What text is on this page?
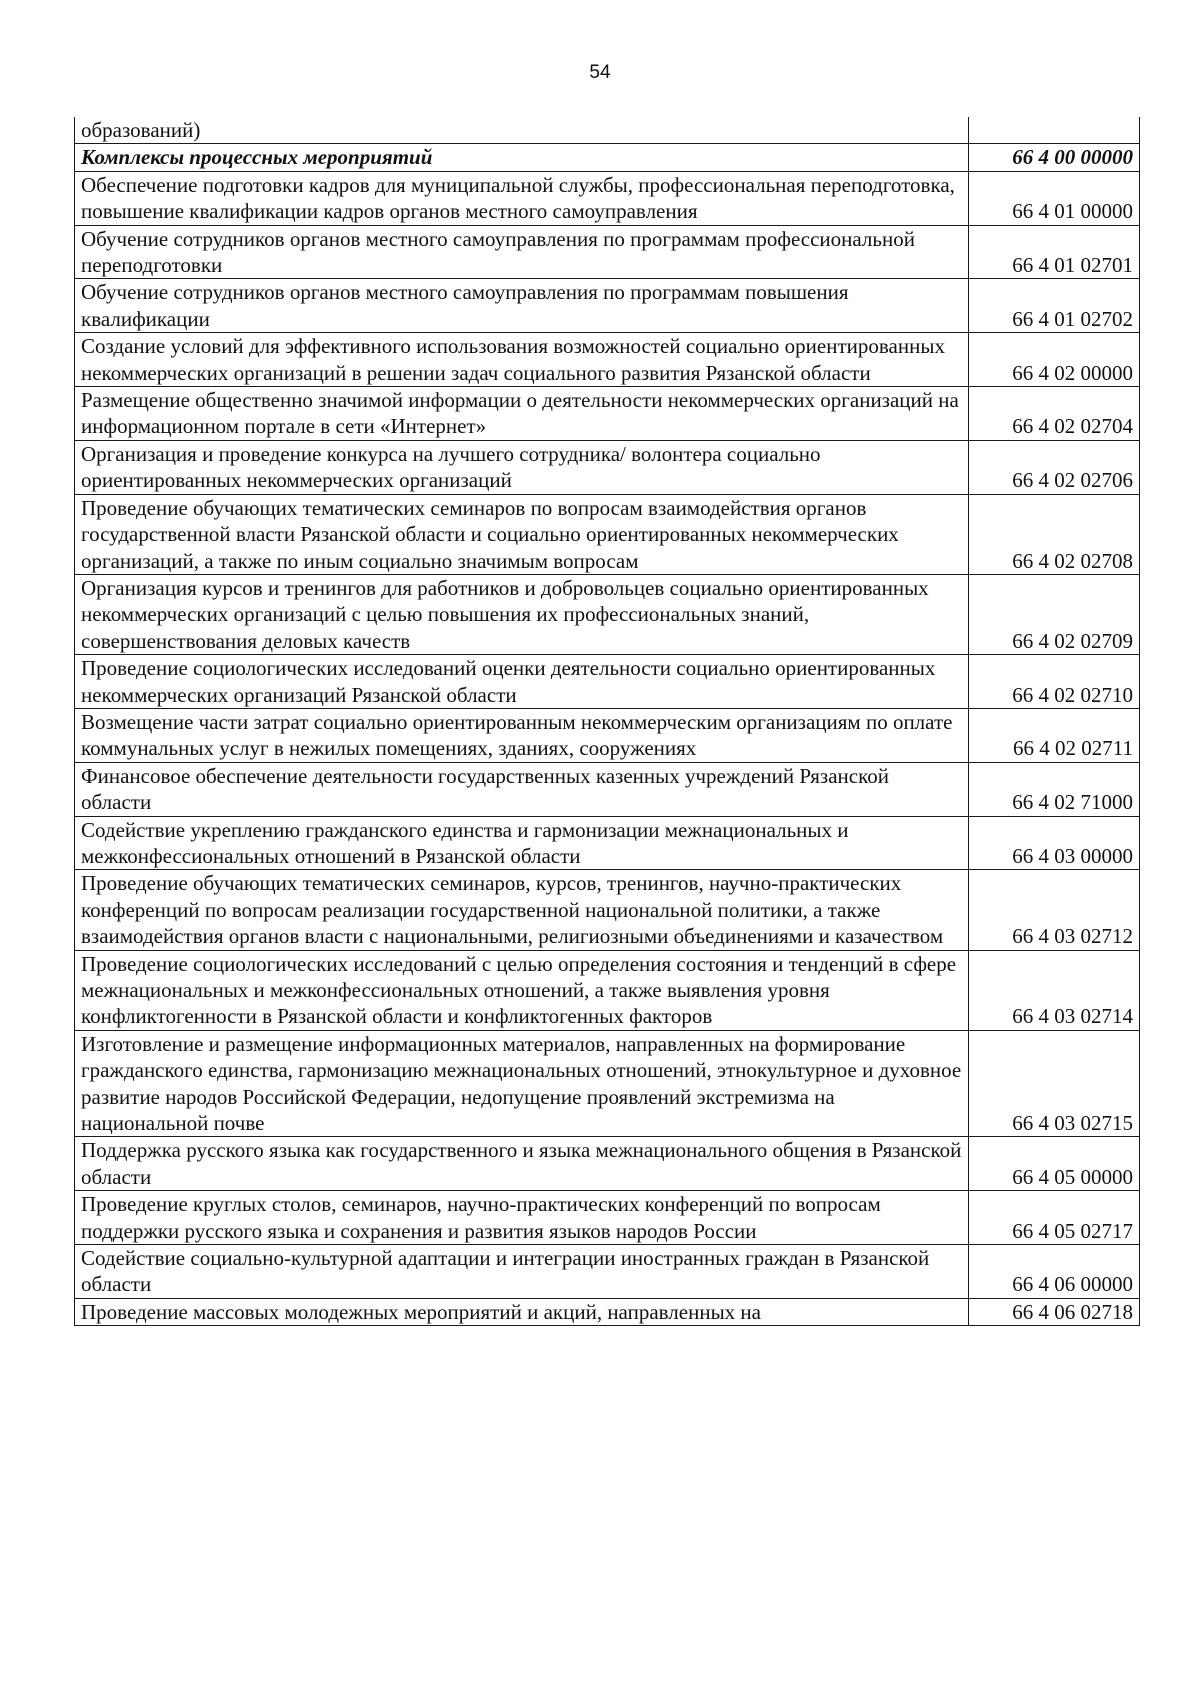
54
образований)	
Комплексы процессных мероприятий	66 4 00 00000
Обеспечение подготовки кадров для муниципальной службы, профессиональная переподготовка, повышение квалификации кадров органов местного самоуправления	66 4 01 00000
Обучение сотрудников органов местного самоуправления по программам профессиональной переподготовки	66 4 01 02701
Обучение сотрудников органов местного самоуправления по программам повышения квалификации	66 4 01 02702
Создание условий для эффективного использования возможностей социально ориентированных некоммерческих организаций в решении задач социального развития Рязанской области	66 4 02 00000
Размещение общественно значимой информации о деятельности некоммерческих организаций на информационном портале в сети «Интернет»	66 4 02 02704
Организация и проведение конкурса на лучшего сотрудника/ волонтера социально ориентированных некоммерческих организаций	66 4 02 02706
Проведение обучающих тематических семинаров по вопросам взаимодействия органов государственной власти Рязанской области и социально ориентированных некоммерческих организаций, а также по иным социально значимым вопросам	66 4 02 02708
Организация курсов и тренингов для работников и добровольцев социально ориентированных некоммерческих организаций с целью повышения их профессиональных знаний, совершенствования деловых качеств	66 4 02 02709
Проведение социологических исследований оценки деятельности социально ориентированных некоммерческих организаций Рязанской области	66 4 02 02710
Возмещение части затрат социально ориентированным некоммерческим организациям по оплате коммунальных услуг в нежилых помещениях, зданиях, сооружениях	66 4 02 02711
Финансовое обеспечение деятельности государственных казенных учреждений Рязанской области	66 4 02 71000
Содействие укреплению гражданского единства и гармонизации межнациональных и межконфессиональных отношений в Рязанской области	66 4 03 00000
Проведение обучающих тематических семинаров, курсов, тренингов, научно-практических конференций по вопросам реализации государственной национальной политики, а также взаимодействия органов власти с национальными, религиозными объединениями и казачеством	66 4 03 02712
Проведение социологических исследований с целью определения состояния и тенденций в сфере межнациональных и межконфессиональных отношений, а также выявления уровня конфликтогенности в Рязанской области и конфликтогенных факторов	66 4 03 02714
Изготовление и размещение информационных материалов, направленных на формирование гражданского единства, гармонизацию межнациональных отношений, этнокультурное и духовное развитие народов Российской Федерации, недопущение проявлений экстремизма на национальной почве	66 4 03 02715
Поддержка русского языка как государственного и языка межнационального общения в Рязанской области	66 4 05 00000
Проведение круглых столов, семинаров, научно-практических конференций по вопросам поддержки русского языка и сохранения и развития языков народов России	66 4 05 02717
Содействие социально-культурной адаптации и интеграции иностранных граждан в Рязанской области	66 4 06 00000
Проведение массовых молодежных мероприятий и акций, направленных на	66 4 06 02718
